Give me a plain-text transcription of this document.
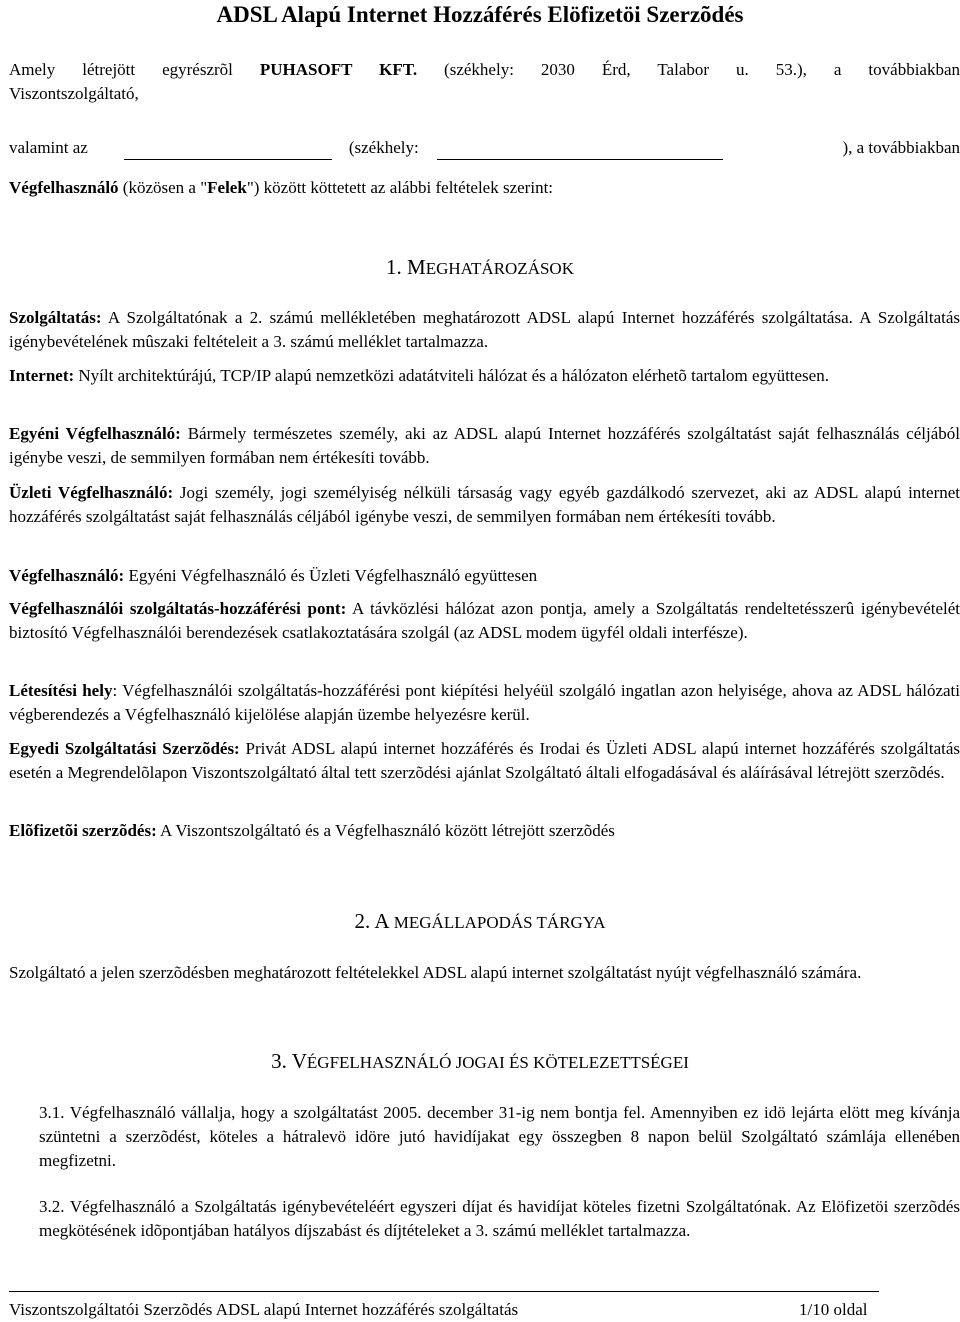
ADSL Alapú Internet Hozzáférés Elöfizetöi Szerzõdés

Amely létrejött egyrészrõl PUHASOFT KFT. (székhely: 2030 Érd, Talabor u. 53.), a továbbiakban

Viszontszolgáltató,

valamint az	(székhely:	), a továbbiakban

Végfelhasználó (közösen a "Felek") között köttetett az alábbi feltételek szerint:

1. MEGHATÁROZÁSOK

Szolgáltatás: A Szolgáltatónak a 2. számú mellékletében meghatározott ADSL alapú Internet hozzáférés szolgáltatása. A Szolgáltatás igénybevételének mûszaki feltételeit a 3. számú melléklet tartalmazza.

Internet: Nyílt architektúrájú, TCP/IP alapú nemzetközi adatátviteli hálózat és a hálózaton elérhetõ tartalom együttesen.

Egyéni Végfelhasználó: Bármely természetes személy, aki az ADSL alapú Internet hozzáférés szolgáltatást saját felhasználás céljából igénybe veszi, de semmilyen formában nem értékesíti tovább.

Üzleti Végfelhasználó: Jogi személy, jogi személyiség nélküli társaság vagy egyéb gazdálkodó szervezet, aki az ADSL alapú internet hozzáférés szolgáltatást saját felhasználás céljából igénybe veszi, de semmilyen formában nem értékesíti tovább.

Végfelhasználó: Egyéni Végfelhasználó és Üzleti Végfelhasználó együttesen

Végfelhasználói szolgáltatás-hozzáférési pont: A távközlési hálózat azon pontja, amely a Szolgáltatás rendeltetésszerû igénybevételét biztosító Végfelhasználói berendezések csatlakoztatására szolgál (az ADSL modem ügyfél oldali interfésze).

Létesítési hely: Végfelhasználói szolgáltatás-hozzáférési pont kiépítési helyéül szolgáló ingatlan azon helyisége, ahova az ADSL hálózati végberendezés a Végfelhasználó kijelölése alapján üzembe helyezésre kerül.

Egyedi Szolgáltatási Szerzõdés: Privát ADSL alapú internet hozzáférés és Irodai és Üzleti ADSL alapú internet hozzáférés szolgáltatás esetén a Megrendelõlapon Viszontszolgáltató által tett szerzõdési ajánlat Szolgáltató általi elfogadásával és aláírásával létrejött szerzõdés.

Elõfizetõi szerzõdés: A Viszontszolgáltató és a Végfelhasználó között létrejött szerzõdés

2. A MEGÁLLAPODÁS TÁRGYA

Szolgáltató a jelen szerzõdésben meghatározott feltételekkel ADSL alapú internet szolgáltatást nyújt végfelhasználó számára.

3. VÉGFELHASZNÁLÓ JOGAI ÉS KÖTELEZETTSÉGEI

3.1. Végfelhasználó vállalja, hogy a szolgáltatást 2005. december 31-ig nem bontja fel. Amennyiben ez idö lejárta elött meg kívánja szüntetni a szerzõdést, köteles a hátralevö idöre jutó havidíjakat egy összegben 8 napon belül Szolgáltató számlája ellenében megfizetni.

3.2. Végfelhasználó a Szolgáltatás igénybevételéért egyszeri díjat és havidíjat köteles fizetni Szolgáltatónak. Az Elöfizetöi szerzõdés megkötésének idõpontjában hatályos díjszabást és díjtételeket a 3. számú melléklet tartalmazza.

Viszontszolgáltatói Szerzõdés ADSL alapú Internet hozzáférés szolgáltatás	1/10 oldal
